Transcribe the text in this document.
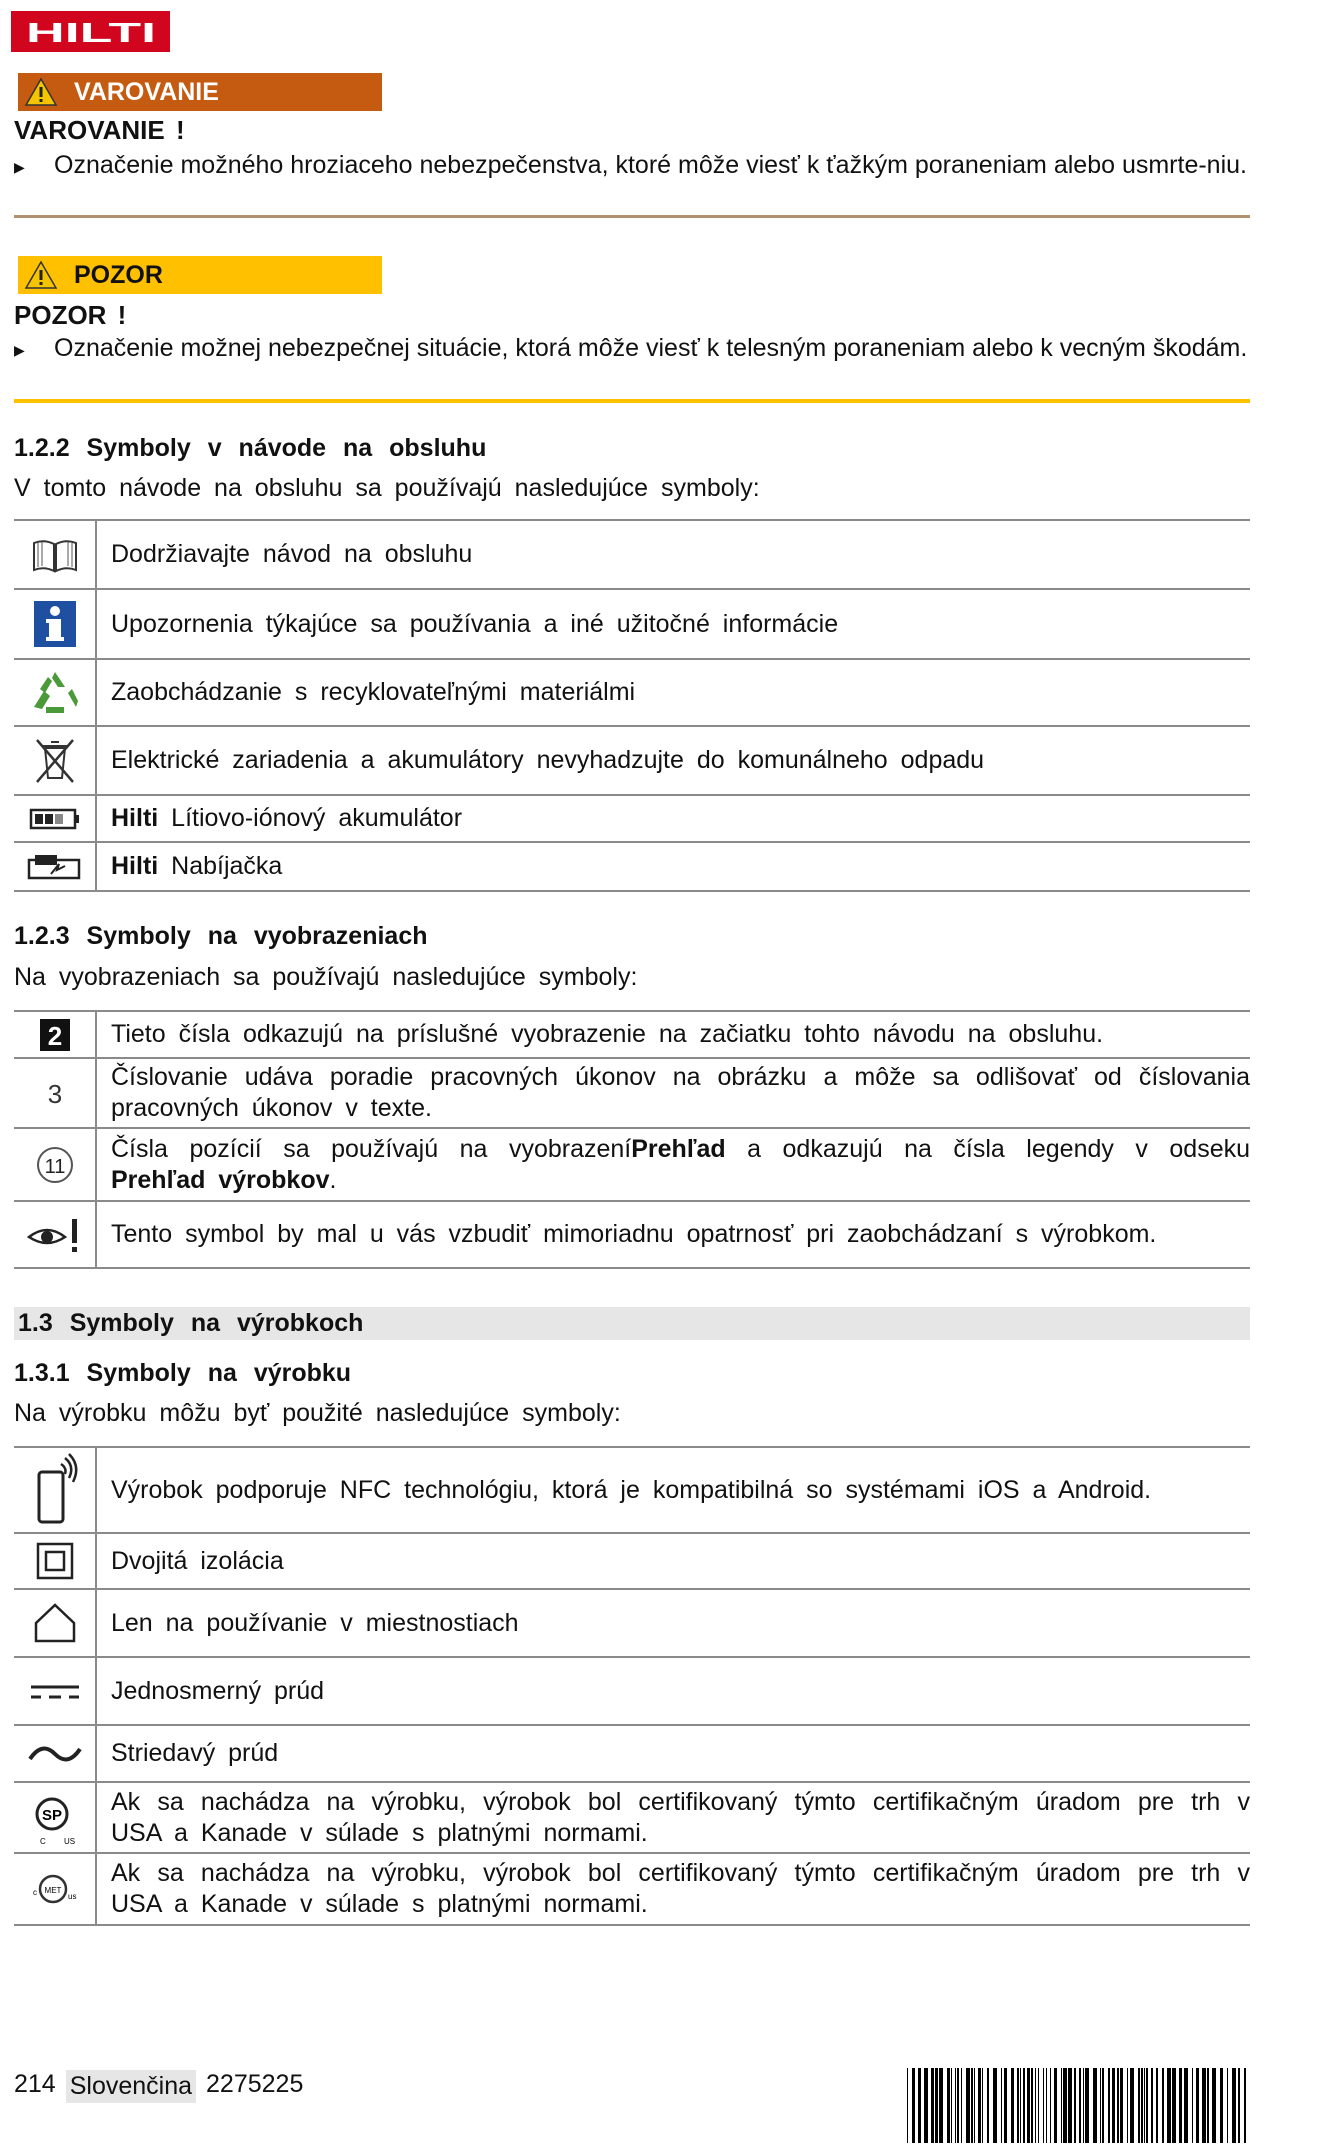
HILTI
VAROVANIE
VAROVANIE !
▶	Označenie možného hroziaceho nebezpečenstva, ktoré môže viesť k ťažkým poraneniam alebo usmrte-niu.
POZOR
POZOR !
▶	Označenie možnej nebezpečnej situácie, ktorá môže viesť k telesným poraneniam alebo k vecným škodám.
1.2.2 Symboly v návode na obsluhu
V tomto návode na obsluhu sa používajú nasledujúce symboly:
	Dodržiavajte návod na obsluhu
	Upozornenia týkajúce sa používania a iné užitočné informácie
	Zaobchádzanie s recyklovateľnými materiálmi
	Elektrické zariadenia a akumulátory nevyhadzujte do komunálneho odpadu
	Hilti Lítiovo-iónový akumulátor
	Hilti Nabíjačka
1.2.3 Symboly na vyobrazeniach
Na vyobrazeniach sa používajú nasledujúce symboly:
2	Tieto čísla odkazujú na príslušné vyobrazenie na začiatku tohto návodu na obsluhu.

3	Číslovanie udáva poradie pracovných úkonov na obrázku a môže sa odlišovať od číslovania pracovných úkonov v texte.

11	Čísla pozícií sa používajú na vyobrazeníPrehľad a odkazujú na čísla legendy v odseku Prehľad výrobkov.
	Tento symbol by mal u vás vzbudiť mimoriadnu opatrnosť pri zaobchádzaní s výrobkom.
1.3 Symboly na výrobkoch
1.3.1 Symboly na výrobku
Na výrobku môžu byť použité nasledujúce symboly:
	Výrobok podporuje NFC technológiu, ktorá je kompatibilná so systémami iOS a Android.
	Dvojitá izolácia
	Len na používanie v miestnostiach
	Jednosmerný prúd
	Striedavý prúd

SP
C US	Ak sa nachádza na výrobku, výrobok bol certifikovaný týmto certifikačným úradom pre trh v USA a Kanade v súlade s platnými normami.

MET
c us	Ak sa nachádza na výrobku, výrobok bol certifikovaný týmto certifikačným úradom pre trh v USA a Kanade v súlade s platnými normami.
214 Slovenčina 2275225
